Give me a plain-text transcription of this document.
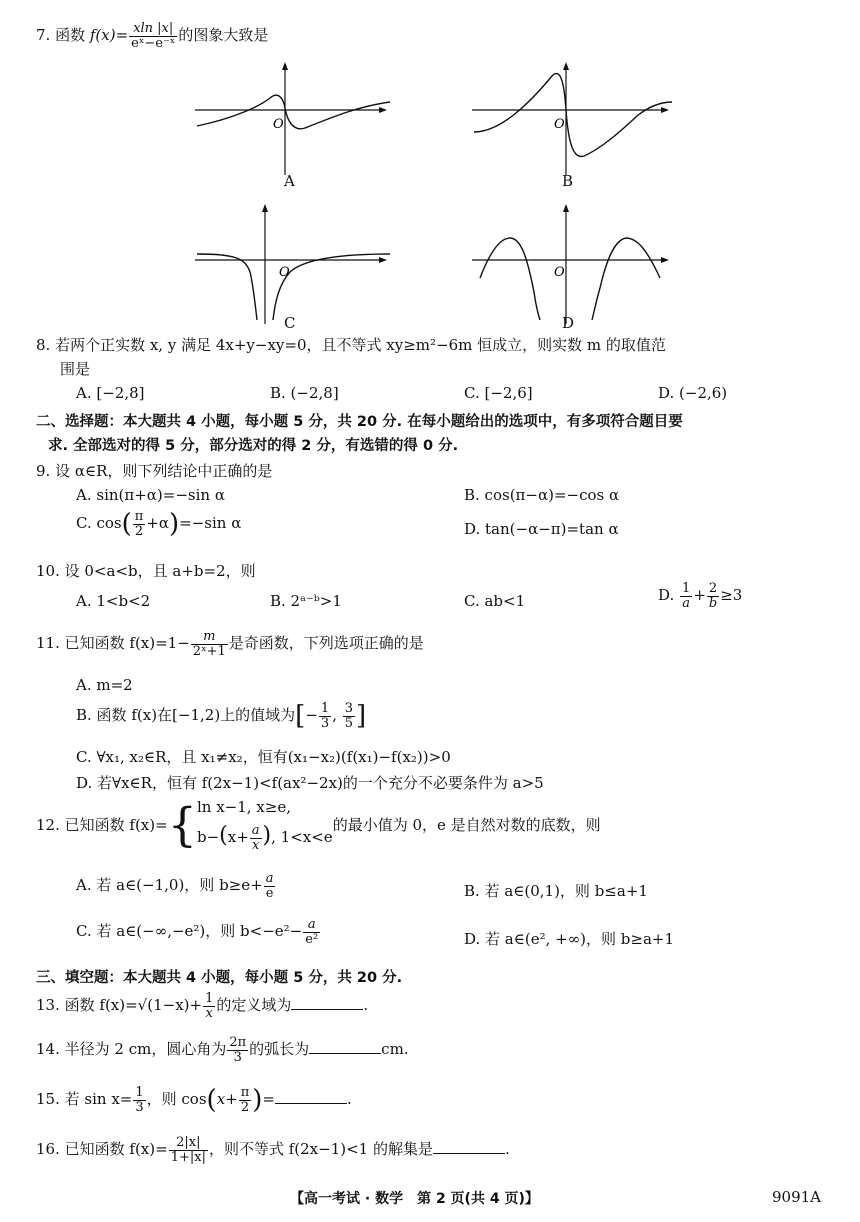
7. 函数 $f(x)= \frac{xln |x|}{\text{eˣ−e⁻ˣ}}$ 的图象大致是
O
A
O
B
O
C
O
D
8. 若两个正实数 x, y 满足 4x+y−xy=0，且不等式 xy≥m²−6m 恒成立，则实数 m 的取值范
围是
A. [−2,8]	B. (−2,8]	C. [−2,6]	D. (−2,6)
二、选择题：本大题共 4 小题，每小题 5 分，共 20 分. 在每小题给出的选项中，有多项符合题目要
求. 全部选对的得 5 分，部分选对的得 2 分，有选错的得 0 分.
9. 设 α∈R，则下列结论中正确的是
A. sin(π+α)=−sin α	B. cos(π−α)=−cos α
C. $\cos( \frac{\pi}{2} +\alpha)=-\sin$ α	D. tan(−α−π)=tan α
10. 设 0<a<b，且 a+b=2，则
A. 1<b<2	B. 2ᵃ⁻ᵇ>1	C. ab<1	D. $\frac{1}{a} + \frac{2}{b} \ge 3$
11. 已知函数 $f(x)=1- \frac{m}{\text{2ˣ+1}}$ 是奇函数，下列选项正确的是
A. m=2
B. 函数 f(x)在[−1,2)上的值域为[− $\frac{1}{3}$ , $\frac{3}{5}$ ]
C. ∀x₁, x₂∈R，且 x₁≠x₂，恒有(x₁−x₂)(f(x₁)−f(x₂))>0
D. 若∀x∈R，恒有 f(2x−1)<f(ax²−2x)的一个充分不必要条件为 a>5
12. 已知函数 f(x)={ ln x−1, x≥e,
$b-(x+ \frac{a}{x}$ ), 1<x<e
的最小值为 0，e 是自然对数的底数，则
A. 若 a∈(−1,0)，则 $b\ge e+ \frac{a}{e}$	B. 若 a∈(0,1)，则 b≤a+1
C. 若 a∈(−∞,−e²)，则 $b<-e^2- \frac{a}{\text{e²}}$	D. 若 a∈(e², +∞)，则 b≥a+1
三、填空题：本大题共 4 小题，每小题 5 分，共 20 分.
13. 函数 $f(x)=√(1-x)+ \frac{1}{x}$ 的定义域为	.
14. 半径为 2 cm，圆心角为 $\frac{2\pi}{3}$ 的弧长为	cm.
15. 若 $\sin x= \frac{1}{3}$ ，则 $\cos(x+ \frac{\pi}{2}$ )=	.
16. 已知函数 $f(x)= \frac{2|x|}{1+|x|}$ ，则不等式 f(2x−1)<1 的解集是	.
【高一考试 · 数学　第 2 页(共 4 页)】	9091A
